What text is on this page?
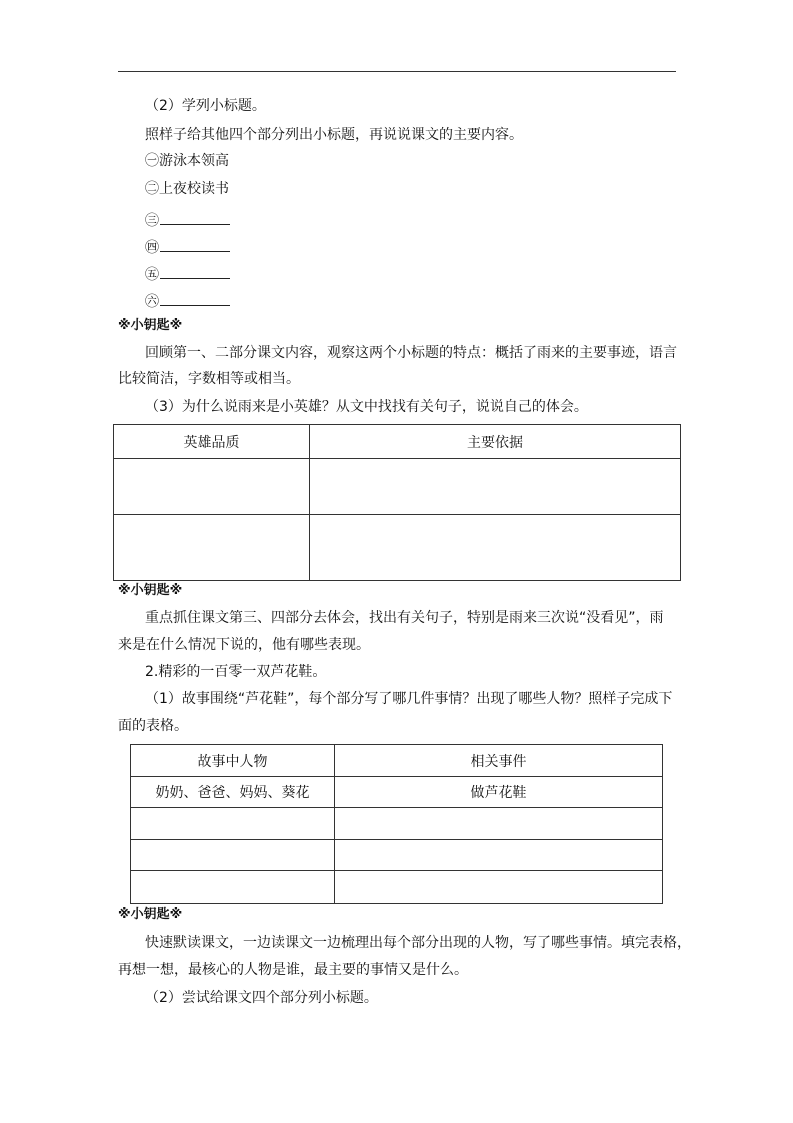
（2）学列小标题。
照样子给其他四个部分列出小标题，再说说课文的主要内容。
㊀游泳本领高
㊁上夜校读书
㊂
㊃
㊄
㊅
※小钥匙※
回顾第一、二部分课文内容，观察这两个小标题的特点：概括了雨来的主要事迹，语言
比较简洁，字数相等或相当。
（3）为什么说雨来是小英雄？从文中找找有关句子，说说自己的体会。
英雄品质	主要依据

※小钥匙※
重点抓住课文第三、四部分去体会，找出有关句子，特别是雨来三次说“没看见”，雨
来是在什么情况下说的，他有哪些表现。
2.精彩的一百零一双芦花鞋。
（1）故事围绕“芦花鞋”，每个部分写了哪几件事情？出现了哪些人物？照样子完成下
面的表格。
故事中人物	相关事件
奶奶、爸爸、妈妈、葵花	做芦花鞋

※小钥匙※
快速默读课文，一边读课文一边梳理出每个部分出现的人物，写了哪些事情。填完表格，
再想一想，最核心的人物是谁，最主要的事情又是什么。
（2）尝试给课文四个部分列小标题。
